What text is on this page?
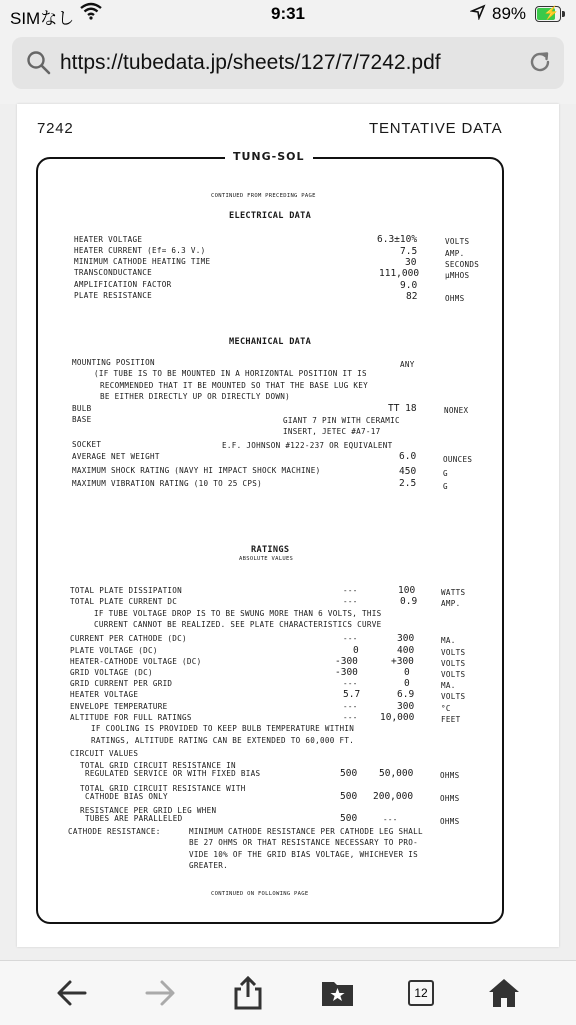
SIMなし	9:31	89% ⚡
https://tubedata.jp/sheets/127/7/7242.pdf
7242	TENTATIVE DATA
TUNG-SOL
CONTINUED FROM PRECEDING PAGE
ELECTRICAL DATA
HEATER VOLTAGE	6.3±10%	VOLTS
HEATER CURRENT (Ef= 6.3 V.)	7.5	AMP.
MINIMUM CATHODE HEATING TIME	30	SECONDS
TRANSCONDUCTANCE	111,000	µMHOS
AMPLIFICATION FACTOR	9.0
PLATE RESISTANCE	82	OHMS
MECHANICAL DATA
MOUNTING POSITION	ANY
(IF TUBE IS TO BE MOUNTED IN A HORIZONTAL POSITION IT IS
RECOMMENDED THAT IT BE MOUNTED SO THAT THE BASE LUG KEY
BE EITHER DIRECTLY UP OR DIRECTLY DOWN)
BULB	TT 18	NONEX
BASE	GIANT 7 PIN WITH CERAMIC
INSERT, JETEC #A7-17
SOCKET	E.F. JOHNSON #122-237 OR EQUIVALENT
AVERAGE NET WEIGHT	6.0	OUNCES
MAXIMUM SHOCK RATING (NAVY HI IMPACT SHOCK MACHINE)	450	G
MAXIMUM VIBRATION RATING (10 TO 25 CPS)	2.5	G
RATINGS
ABSOLUTE VALUES
TOTAL PLATE DISSIPATION	---	100	WATTS
TOTAL PLATE CURRENT DC	---	0.9	AMP.
IF TUBE VOLTAGE DROP IS TO BE SWUNG MORE THAN 6 VOLTS, THIS
CURRENT CANNOT BE REALIZED. SEE PLATE CHARACTERISTICS CURVE
CURRENT PER CATHODE (DC)	---	300	MA.
PLATE VOLTAGE (DC)	0	400	VOLTS
HEATER-CATHODE VOLTAGE (DC)	-300	+300	VOLTS
GRID VOLTAGE (DC)	-300	0	VOLTS
GRID CURRENT PER GRID	---	0	MA.
HEATER VOLTAGE	5.7	6.9	VOLTS
ENVELOPE TEMPERATURE	---	300	°C
ALTITUDE FOR FULL RATINGS	--- 10,000	FEET
IF COOLING IS PROVIDED TO KEEP BULB TEMPERATURE WITHIN
RATINGS, ALTITUDE RATING CAN BE EXTENDED TO 60,000 FT.
CIRCUIT VALUES
TOTAL GRID CIRCUIT RESISTANCE IN
REGULATED SERVICE OR WITH FIXED BIAS	500 50,000	OHMS
TOTAL GRID CIRCUIT RESISTANCE WITH
CATHODE BIAS ONLY	500 200,000	OHMS
RESISTANCE PER GRID LEG WHEN
TUBES ARE PARALLELED	500	---	OHMS
CATHODE RESISTANCE:	MINIMUM CATHODE RESISTANCE PER CATHODE LEG SHALL
BE 27 OHMS OR THAT RESISTANCE NECESSARY TO PRO-
VIDE 10% OF THE GRID BIAS VOLTAGE, WHICHEVER IS
GREATER.
CONTINUED ON FOLLOWING PAGE
12
